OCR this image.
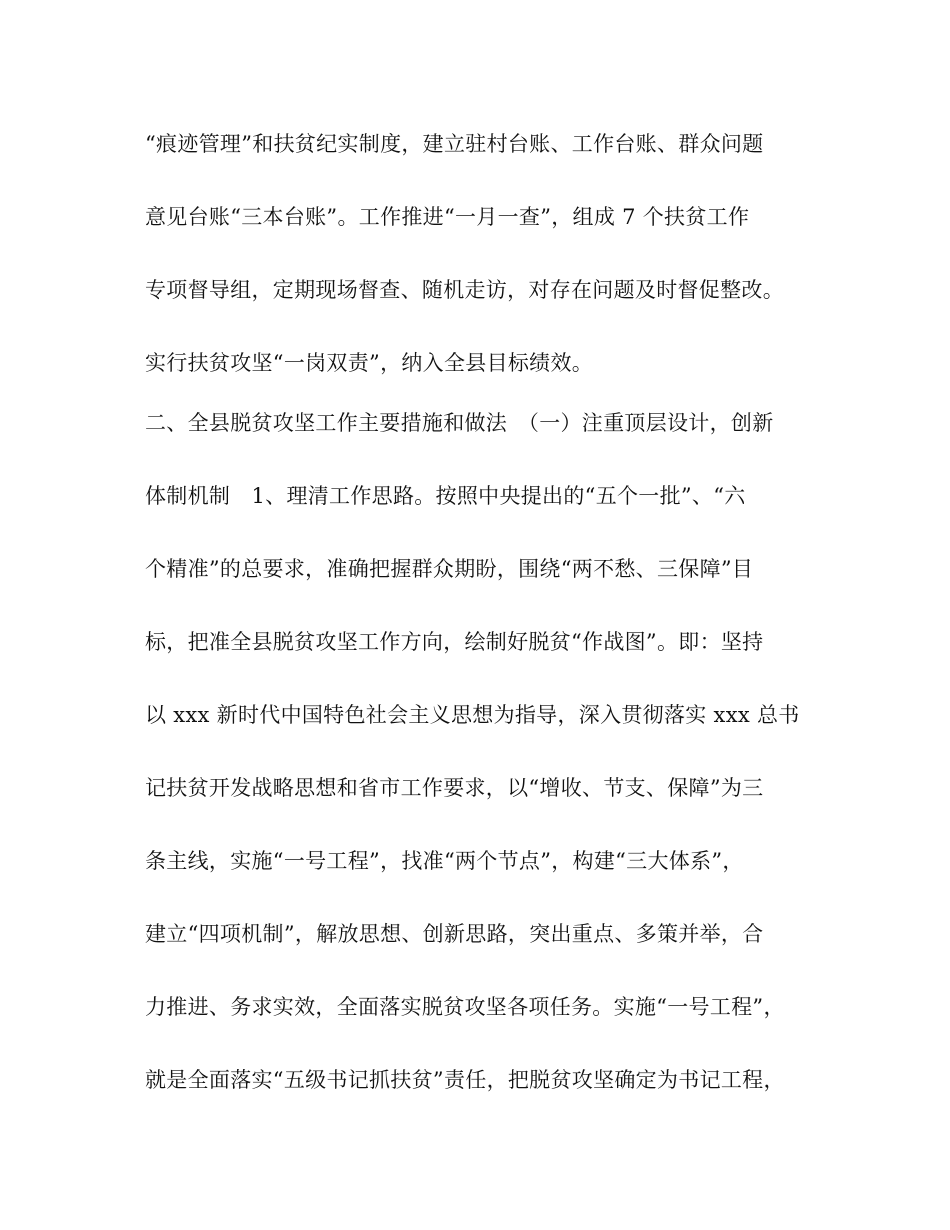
“痕迹管理”和扶贫纪实制度，建立驻村台账、工作台账、群众问题
意见台账“三本台账”。工作推进“一月一查”，组成 7 个扶贫工作
专项督导组，定期现场督查、随机走访，对存在问题及时督促整改。
实行扶贫攻坚“一岗双责”，纳入全县目标绩效。
二、全县脱贫攻坚工作主要措施和做法　（一）注重顶层设计，创新
体制机制　1、理清工作思路。按照中央提出的“五个一批”、“六
个精准”的总要求，准确把握群众期盼，围绕“两不愁、三保障”目
标，把准全县脱贫攻坚工作方向，绘制好脱贫“作战图”。即：坚持
以 xxx 新时代中国特色社会主义思想为指导，深入贯彻落实 xxx 总书
记扶贫开发战略思想和省市工作要求，以“增收、节支、保障”为三
条主线，实施“一号工程”，找准“两个节点”，构建“三大体系”，
建立“四项机制”，解放思想、创新思路，突出重点、多策并举，合
力推进、务求实效，全面落实脱贫攻坚各项任务。实施“一号工程”，
就是全面落实“五级书记抓扶贫”责任，把脱贫攻坚确定为书记工程，
